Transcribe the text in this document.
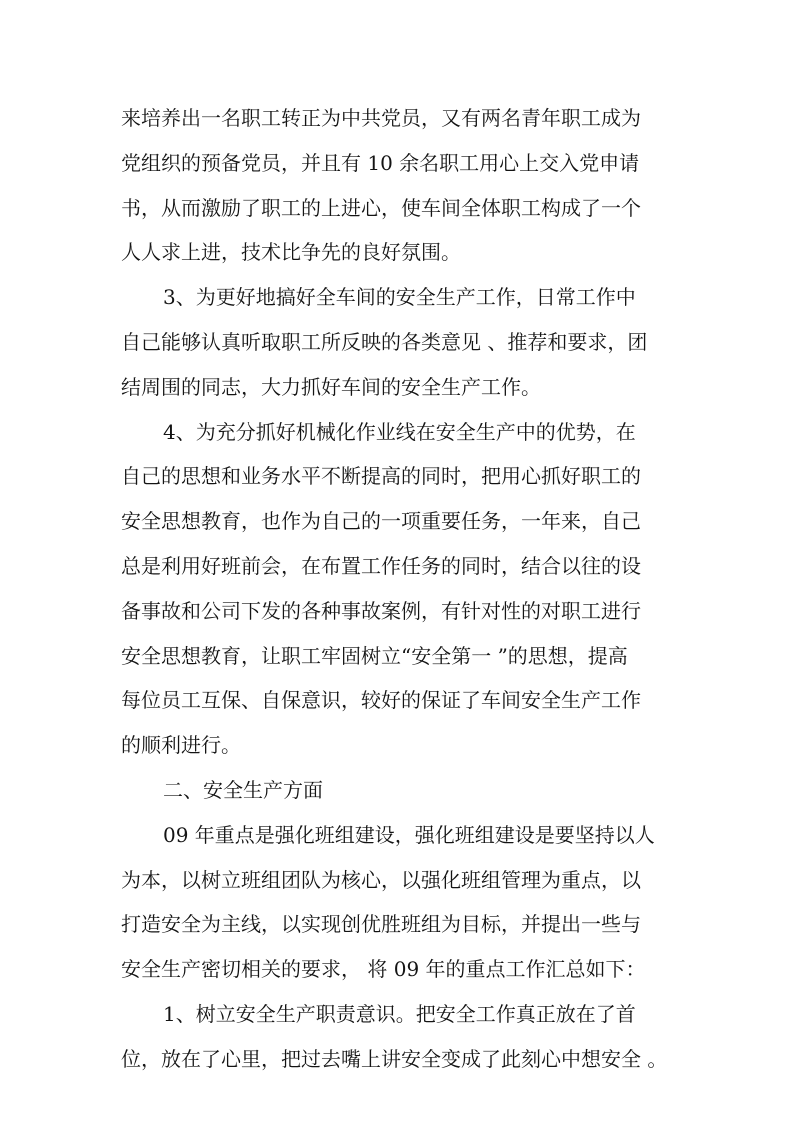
来培养出一名职工转正为中共党员，又有两名青年职工成为
党组织的预备党员，并且有 10 余名职工用心上交入党申请
书，从而激励了职工的上进心，使车间全体职工构成了一个
人人求上进，技术比争先的良好氛围。
3、为更好地搞好全车间的安全生产工作，日常工作中
自己能够认真听取职工所反映的各类意见 、推荐和要求，团
结周围的同志，大力抓好车间的安全生产工作。
4、为充分抓好机械化作业线在安全生产中的优势，在
自己的思想和业务水平不断提高的同时，把用心抓好职工的
安全思想教育，也作为自己的一项重要任务，一年来，自己
总是利用好班前会，在布置工作任务的同时，结合以往的设
备事故和公司下发的各种事故案例，有针对性的对职工进行
安全思想教育，让职工牢固树立“安全第一 ”的思想，提高
每位员工互保、自保意识，较好的保证了车间安全生产工作
的顺利进行。
二、安全生产方面
09 年重点是强化班组建设，强化班组建设是要坚持以人
为本，以树立班组团队为核心，以强化班组管理为重点，以
打造安全为主线，以实现创优胜班组为目标，并提出一些与
安全生产密切相关的要求， 将 09 年的重点工作汇总如下：
1、树立安全生产职责意识。把安全工作真正放在了首
位，放在了心里，把过去嘴上讲安全变成了此刻心中想安全 。
